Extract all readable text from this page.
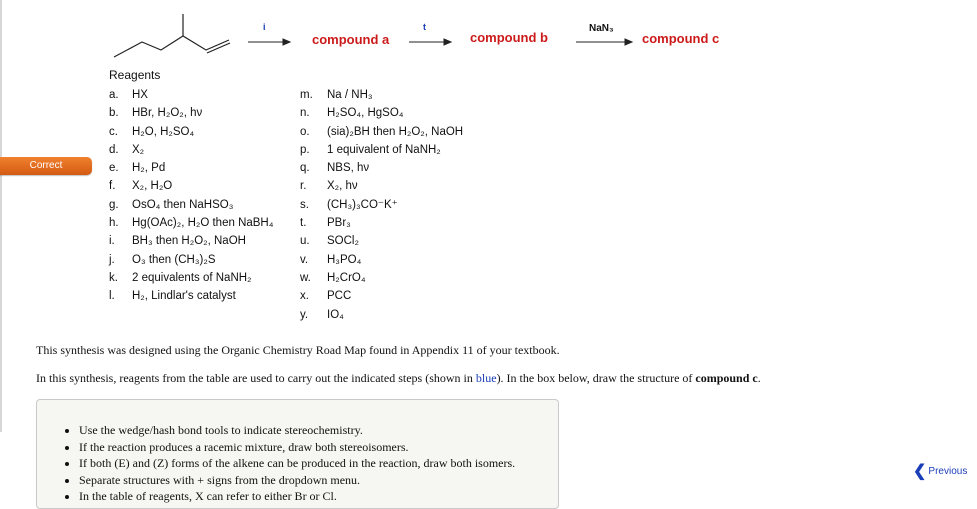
Correct
i	t	NaN₃
compound a	compound b	compound c
Reagents
a. HX
b. HBr, H₂O₂, hν
c. H₂O, H₂SO₄
d. X₂
e. H₂, Pd
f. X₂, H₂O
g. OsO₄ then NaHSO₃
h. Hg(OAc)₂, H₂O then NaBH₄
i. BH₃ then H₂O₂, NaOH
j. O₃ then (CH₃)₂S
k. 2 equivalents of NaNH₂
l. H₂, Lindlar's catalyst
m. Na / NH₃
n. H₂SO₄, HgSO₄
o. (sia)₂BH then H₂O₂, NaOH
p. 1 equivalent of NaNH₂
q. NBS, hν
r. X₂, hν
s. (CH₃)₃CO⁻K⁺
t. PBr₃
u. SOCl₂
v. H₃PO₄
w. H₂CrO₄
x. PCC
y. IO₄
This synthesis was designed using the Organic Chemistry Road Map found in Appendix 11 of your textbook.
In this synthesis, reagents from the table are used to carry out the indicated steps (shown in blue). In the box below, draw the structure of compound c.
• Use the wedge/hash bond tools to indicate stereochemistry.
• If the reaction produces a racemic mixture, draw both stereoisomers.
• If both (E) and (Z) forms of the alkene can be produced in the reaction, draw both isomers.
• Separate structures with + signs from the dropdown menu.
• In the table of reagents, X can refer to either Br or Cl.
❮ Previous
